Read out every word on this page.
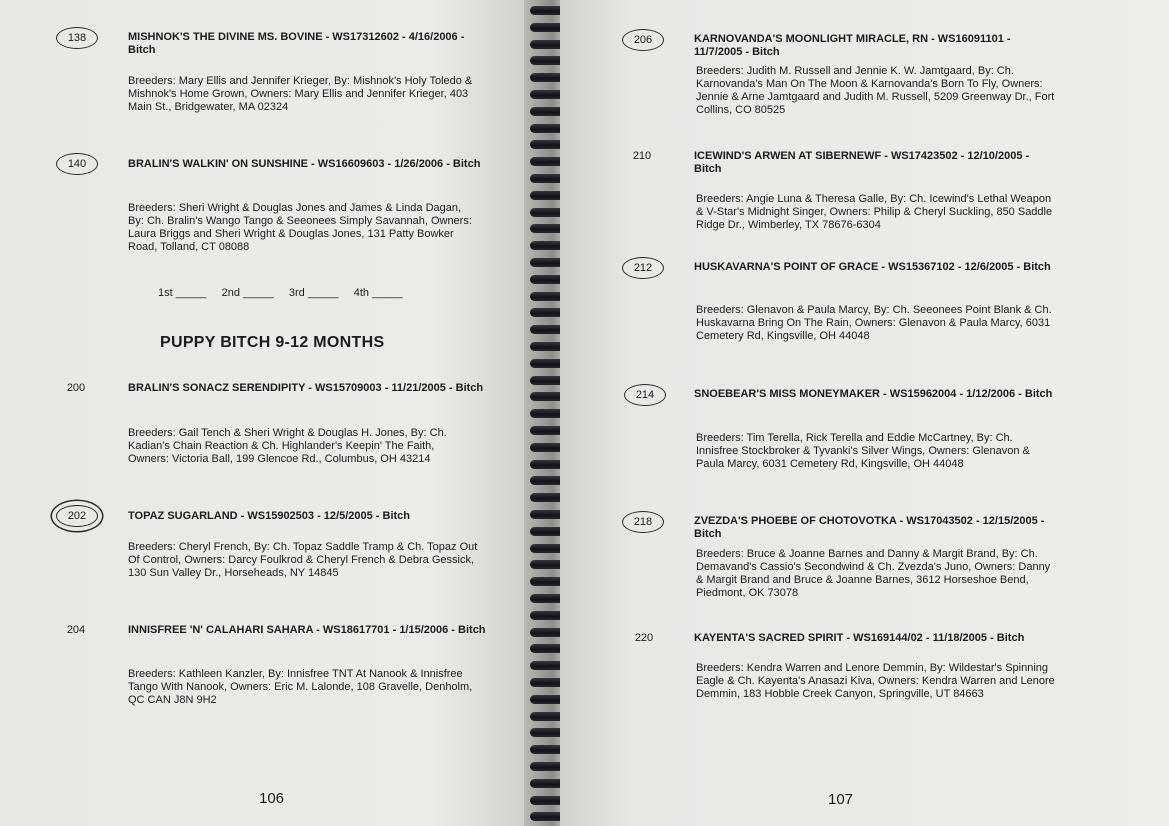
138	MISHNOK'S THE DIVINE MS. BOVINE - WS17312602 - 4/16/2006 - Bitch
Breeders: Mary Ellis and Jennifer Krieger, By: Mishnok's Holy Toledo & Mishnok's Home Grown, Owners: Mary Ellis and Jennifer Krieger, 403 Main St., Bridgewater, MA 02324
140	BRALIN'S WALKIN' ON SUNSHINE - WS16609603 - 1/26/2006 - Bitch
Breeders: Sheri Wright & Douglas Jones and James & Linda Dagan, By: Ch. Bralin's Wango Tango & Seeonees Simply Savannah, Owners: Laura Briggs and Sheri Wright & Douglas Jones, 131 Patty Bowker Road, Tolland, CT 08088
1st _____     2nd _____     3rd _____     4th _____
PUPPY BITCH 9-12 MONTHS
200	BRALIN'S SONACZ SERENDIPITY - WS15709003 - 11/21/2005 - Bitch
Breeders: Gail Tench & Sheri Wright & Douglas H. Jones, By: Ch. Kadian's Chain Reaction & Ch. Highlander's Keepin' The Faith, Owners: Victoria Ball, 199 Glencoe Rd., Columbus, OH 43214
202	TOPAZ SUGARLAND - WS15902503 - 12/5/2005 - Bitch
Breeders: Cheryl French, By: Ch. Topaz Saddle Tramp & Ch. Topaz Out Of Control, Owners: Darcy Foulkrod & Cheryl French & Debra Gessick, 130 Sun Valley Dr., Horseheads, NY 14845
204	INNISFREE 'N' CALAHARI SAHARA - WS18617701 - 1/15/2006 - Bitch
Breeders: Kathleen Kanzler, By: Innisfree TNT At Nanook & Innisfree Tango With Nanook, Owners: Eric M. Lalonde, 108 Gravelle, Denholm, QC CAN J8N 9H2
106
206	KARNOVANDA'S MOONLIGHT MIRACLE, RN - WS16091101 - 11/7/2005 - Bitch
Breeders: Judith M. Russell and Jennie K. W. Jamtgaard, By: Ch. Karnovanda's Man On The Moon & Karnovanda's Born To Fly, Owners: Jennie & Arne Jamtgaard and Judith M. Russell, 5209 Greenway Dr., Fort Collins, CO 80525
210	ICEWIND'S ARWEN AT SIBERNEWF - WS17423502 - 12/10/2005 - Bitch
Breeders: Angie Luna & Theresa Galle, By: Ch. Icewind's Lethal Weapon & V-Star's Midnight Singer, Owners: Philip & Cheryl Suckling, 850 Saddle Ridge Dr., Wimberley, TX 78676-6304
212	HUSKAVARNA'S POINT OF GRACE - WS15367102 - 12/6/2005 - Bitch
Breeders: Glenavon & Paula Marcy, By: Ch. Seeonees Point Blank & Ch. Huskavarna Bring On The Rain, Owners: Glenavon & Paula Marcy, 6031 Cemetery Rd, Kingsville, OH 44048
214	SNOEBEAR'S MISS MONEYMAKER - WS15962004 - 1/12/2006 - Bitch
Breeders: Tim Terella, Rick Terella and Eddie McCartney, By: Ch. Innisfree Stockbroker & Tyvanki's Silver Wings, Owners: Glenavon & Paula Marcy, 6031 Cemetery Rd, Kingsville, OH 44048
218	ZVEZDA'S PHOEBE OF CHOTOVOTKA - WS17043502 - 12/15/2005 - Bitch
Breeders: Bruce & Joanne Barnes and Danny & Margit Brand, By: Ch. Demavand's Cassio's Secondwind & Ch. Zvezda's Juno, Owners: Danny & Margit Brand and Bruce & Joanne Barnes, 3612 Horseshoe Bend, Piedmont, OK 73078
220	KAYENTA'S SACRED SPIRIT - WS169144/02 - 11/18/2005 - Bitch
Breeders: Kendra Warren and Lenore Demmin, By: Wildestar's Spinning Eagle & Ch. Kayenta's Anasazi Kiva, Owners: Kendra Warren and Lenore Demmin, 183 Hobble Creek Canyon, Springville, UT 84663
107
